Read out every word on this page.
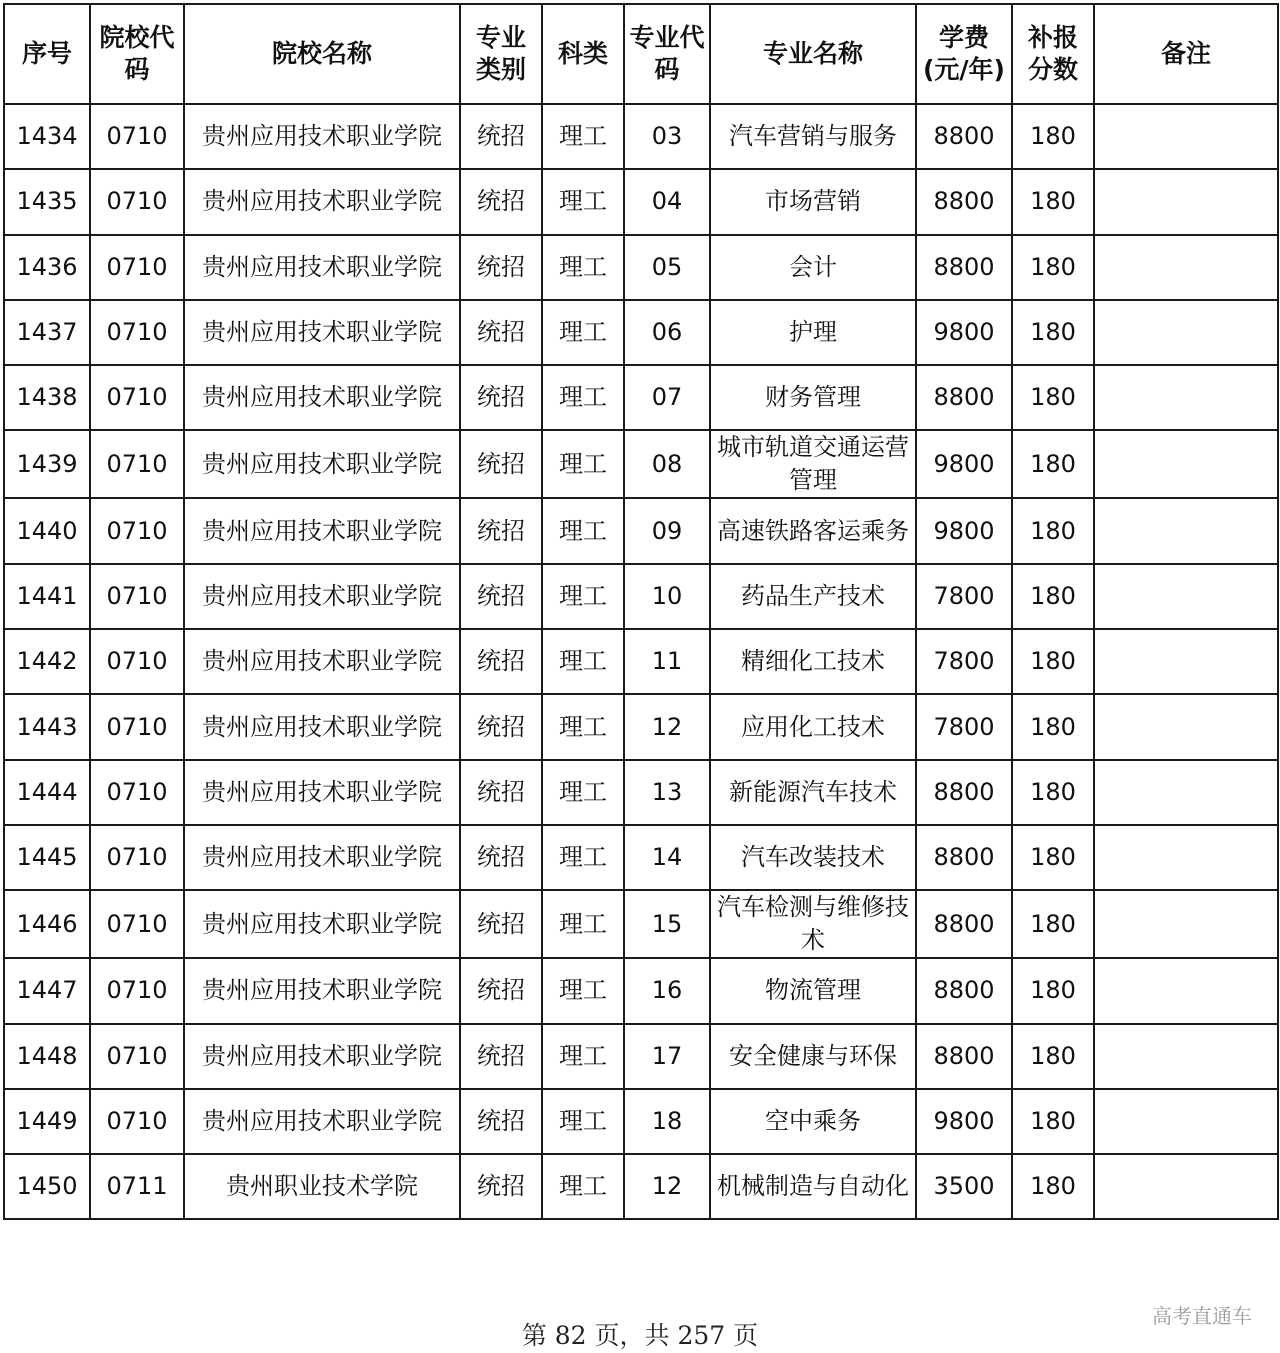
序号	院校代码	院校名称	专业类别	科类	专业代码	专业名称	学费(元/年)	补报分数	备注
1434	0710	贵州应用技术职业学院	统招	理工	03	汽车营销与服务	8800	180	
1435	0710	贵州应用技术职业学院	统招	理工	04	市场营销	8800	180	
1436	0710	贵州应用技术职业学院	统招	理工	05	会计	8800	180	
1437	0710	贵州应用技术职业学院	统招	理工	06	护理	9800	180	
1438	0710	贵州应用技术职业学院	统招	理工	07	财务管理	8800	180	
1439	0710	贵州应用技术职业学院	统招	理工	08	城市轨道交通运营管理	9800	180	
1440	0710	贵州应用技术职业学院	统招	理工	09	高速铁路客运乘务	9800	180	
1441	0710	贵州应用技术职业学院	统招	理工	10	药品生产技术	7800	180	
1442	0710	贵州应用技术职业学院	统招	理工	11	精细化工技术	7800	180	
1443	0710	贵州应用技术职业学院	统招	理工	12	应用化工技术	7800	180	
1444	0710	贵州应用技术职业学院	统招	理工	13	新能源汽车技术	8800	180	
1445	0710	贵州应用技术职业学院	统招	理工	14	汽车改装技术	8800	180	
1446	0710	贵州应用技术职业学院	统招	理工	15	汽车检测与维修技术	8800	180	
1447	0710	贵州应用技术职业学院	统招	理工	16	物流管理	8800	180	
1448	0710	贵州应用技术职业学院	统招	理工	17	安全健康与环保	8800	180	
1449	0710	贵州应用技术职业学院	统招	理工	18	空中乘务	9800	180	
1450	0711	贵州职业技术学院	统招	理工	12	机械制造与自动化	3500	180	
第 82 页，共 257 页
高考直通车
